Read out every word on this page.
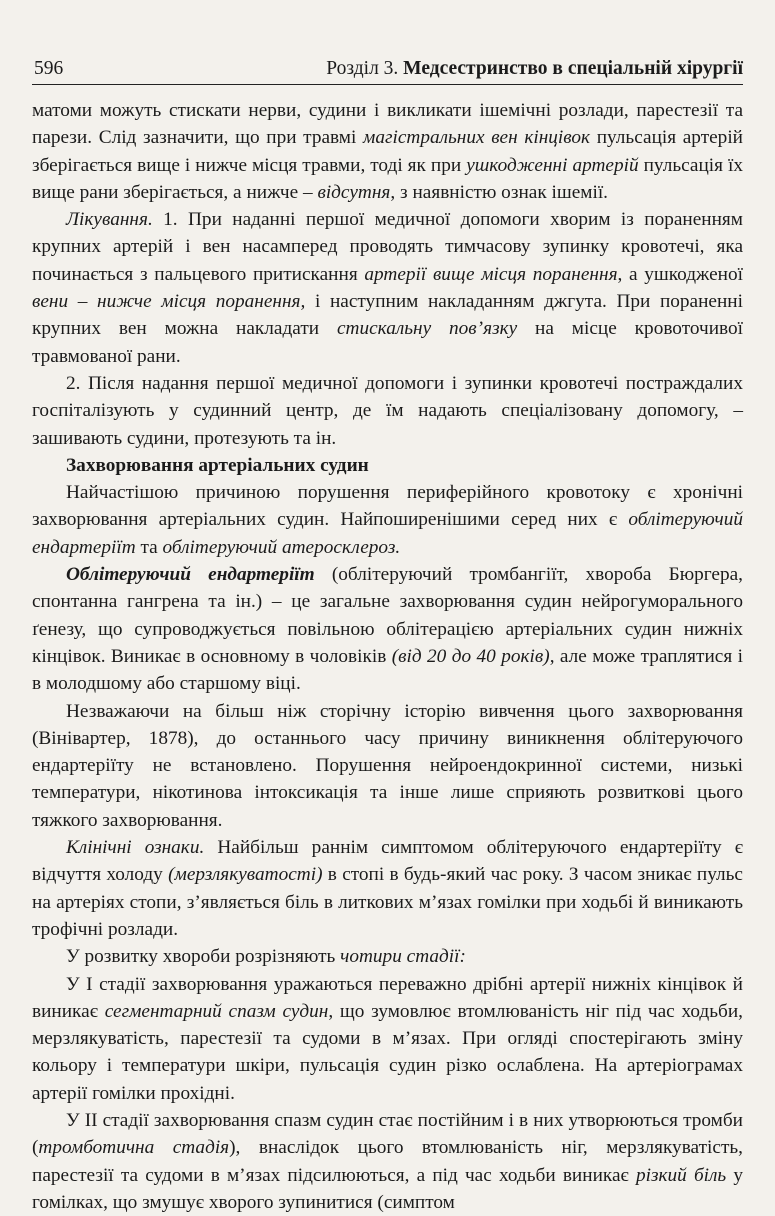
596	Розділ 3. Медсестринство в спеціальній хірургії

матоми можуть стискати нерви, судини і викликати ішемічні розлади, парестезії та парези. Слід зазначити, що при травмі магістральних вен кінцівок пульсація артерій зберігається вище і нижче місця травми, тоді як при ушкодженні артерій пульсація їх вище рани зберігається, а нижче – відсутня, з наявністю ознак ішемії.

Лікування. 1. При наданні першої медичної допомоги хворим із пораненням крупних артерій і вен насамперед проводять тимчасову зупинку кровотечі, яка починається з пальцевого притискання артерії вище місця поранення, а ушкодженої вени – нижче місця поранення, і наступним накладанням джгута. При пораненні крупних вен можна накладати стискальну пов’язку на місце кровоточивої травмованої рани.

2. Після надання першої медичної допомоги і зупинки кровотечі постраждалих госпіталізують у судинний центр, де їм надають спеціалізовану допомогу, – зашивають судини, протезують та ін.

Захворювання артеріальних судин

Найчастішою причиною порушення периферійного кровотоку є хронічні захворювання артеріальних судин. Найпоширенішими серед них є облітеруючий ендартеріїт та облітеруючий атеросклероз.

Облітеруючий ендартеріїт (облітеруючий тромбангіїт, хвороба Бюргера, спонтанна гангрена та ін.) – це загальне захворювання судин нейрогуморального ґенезу, що супроводжується повільною облітерацією артеріальних судин нижніх кінцівок. Виникає в основному в чоловіків (від 20 до 40 років), але може траплятися і в молодшому або старшому віці.

Незважаючи на більш ніж сторічну історію вивчення цього захворювання (Вінівартер, 1878), до останнього часу причину виникнення облітеруючого ендартеріїту не встановлено. Порушення нейроендокринної системи, низькі температури, нікотинова інтоксикація та інше лише сприяють розвиткові цього тяжкого захворювання.

Клінічні ознаки. Найбільш раннім симптомом облітеруючого ендартеріїту є відчуття холоду (мерзлякуватості) в стопі в будь-який час року. З часом зникає пульс на артеріях стопи, з’являється біль в литкових м’язах гомілки при ходьбі й виникають трофічні розлади.

У розвитку хвороби розрізняють чотири стадії:

У І стадії захворювання уражаються переважно дрібні артерії нижніх кінцівок й виникає сегментарний спазм судин, що зумовлює втомлюваність ніг під час ходьби, мерзлякуватість, парестезії та судоми в м’язах. При огляді спостерігають зміну кольору і температури шкіри, пульсація судин різко ослаблена. На артеріограмах артерії гомілки прохідні.

У ІІ стадії захворювання спазм судин стає постійним і в них утворюються тромби (тромботична стадія), внаслідок цього втомлюваність ніг, мерзлякуватість, парестезії та судоми в м’язах підсилюються, а під час ходьби виникає різкий біль у гомілках, що змушує хворого зупинитися (симптом
